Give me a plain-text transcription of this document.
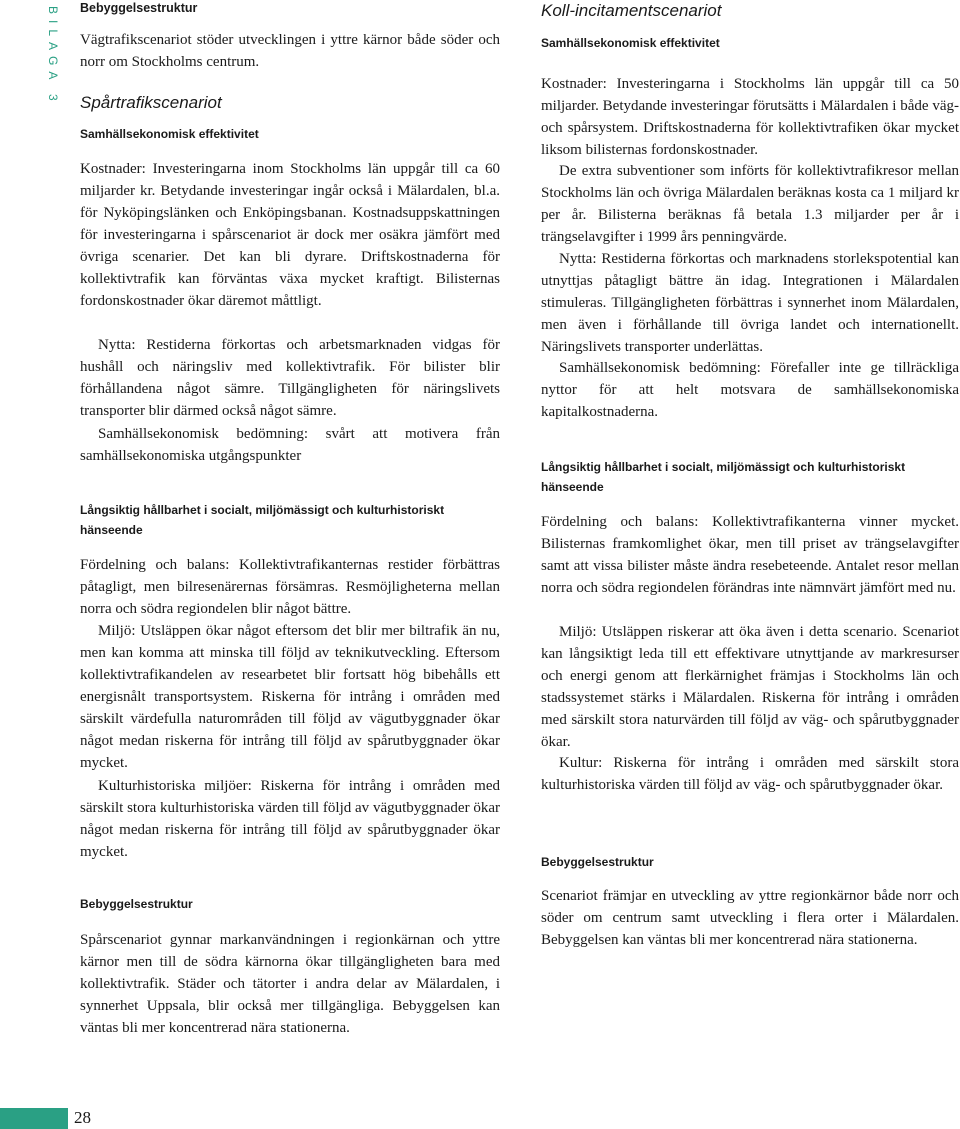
BILAGA 3 Bebyggelsestruktur

Vägtrafikscenariot stöder utvecklingen i yttre kärnor både söder och norr om Stockholms centrum.

Spårtrafikscenariot
Samhällsekonomisk effektivitet

Kostnader: Investeringarna inom Stockholms län uppgår till ca 60 miljarder kr. Betydande investeringar ingår också i Mälardalen, bl.a. för Nyköpingslänken och Enköpingsbanan. Kostnadsuppskattningen för investeringarna i spårscenariot är dock mer osäkra jämfört med övriga scenarier. Det kan bli dyrare. Driftskostnaderna för kollektivtrafik kan förväntas växa mycket kraftigt. Bilisternas fordonskostnader ökar däremot måttligt.

Nytta: Restiderna förkortas och arbetsmarknaden vidgas för hushåll och näringsliv med kollektivtrafik. För bilister blir förhållandena något sämre. Tillgängligheten för näringslivets transporter blir därmed också något sämre.

Samhällsekonomisk bedömning: svårt att motivera från samhällsekonomiska utgångspunkter

Långsiktig hållbarhet i socialt, miljömässigt och kulturhistoriskt hänseende

Fördelning och balans: Kollektivtrafikanternas restider förbättras påtagligt, men bilresenärernas försämras. Resmöjligheterna mellan norra och södra regiondelen blir något bättre.

Miljö: Utsläppen ökar något eftersom det blir mer biltrafik än nu, men kan komma att minska till följd av teknikutveckling. Eftersom kollektivtrafikandelen av researbetet blir fortsatt hög bibehålls ett energisnålt transportsystem. Riskerna för intrång i områden med särskilt värdefulla naturområden till följd av vägutbyggnader ökar något medan riskerna för intrång till följd av spårutbyggnader ökar mycket.

Kulturhistoriska miljöer: Riskerna för intrång i områden med särskilt stora kulturhistoriska värden till följd av vägutbyggnader ökar något medan riskerna för intrång till följd av spårutbyggnader ökar mycket.

Bebyggelsestruktur

Spårscenariot gynnar markanvändningen i regionkärnan och yttre kärnor men till de södra kärnorna ökar tillgängligheten bara med kollektivtrafik. Städer och tätorter i andra delar av Mälardalen, i synnerhet Uppsala, blir också mer tillgängliga. Bebyggelsen kan väntas bli mer koncentrerad nära stationerna.

Koll-incitamentscenariot
Samhällsekonomisk effektivitet

Kostnader: Investeringarna i Stockholms län uppgår till ca 50 miljarder. Betydande investeringar förutsätts i Mälardalen i både väg- och spårsystem. Driftskostnaderna för kollektivtrafiken ökar mycket liksom bilisternas fordonskostnader.

De extra subventioner som införts för kollektivtrafikresor mellan Stockholms län och övriga Mälardalen beräknas kosta ca 1 miljard kr per år. Bilisterna beräknas få betala 1.3 miljarder per år i trängselavgifter i 1999 års penningvärde.

Nytta: Restiderna förkortas och marknadens storlekspotential kan utnyttjas påtagligt bättre än idag. Integrationen i Mälardalen stimuleras. Tillgängligheten förbättras i synnerhet inom Mälardalen, men även i förhållande till övriga landet och internationellt. Näringslivets transporter underlättas.

Samhällsekonomisk bedömning: Förefaller inte ge tillräckliga nyttor för att helt motsvara de samhällsekonomiska kapitalkostnaderna.

Långsiktig hållbarhet i socialt, miljömässigt och kulturhistoriskt hänseende

Fördelning och balans: Kollektivtrafikanterna vinner mycket. Bilisternas framkomlighet ökar, men till priset av trängselavgifter samt att vissa bilister måste ändra resebeteende. Antalet resor mellan norra och södra regiondelen förändras inte nämnvärt jämfört med nu.

Miljö: Utsläppen riskerar att öka även i detta scenario. Scenariot kan långsiktigt leda till ett effektivare utnyttjande av markresurser och energi genom att flerkärnighet främjas i Stockholms län och stadssystemet stärks i Mälardalen. Riskerna för intrång i områden med särskilt stora naturvärden till följd av väg- och spårutbyggnader ökar.

Kultur: Riskerna för intrång i områden med särskilt stora kulturhistoriska värden till följd av väg- och spårutbyggnader ökar.

Bebyggelsestruktur

Scenariot främjar en utveckling av yttre regionkärnor både norr och söder om centrum samt utveckling i flera orter i Mälardalen. Bebyggelsen kan väntas bli mer koncentrerad nära stationerna.

28
